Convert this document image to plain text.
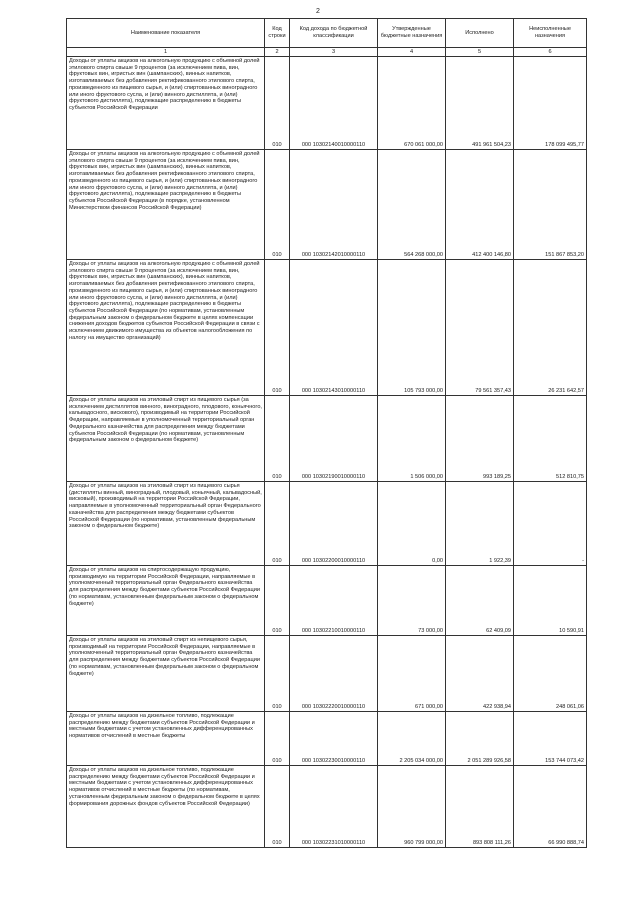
2
Наименование показателя	Код строки	Код дохода по бюджетной классификации	Утвержденные бюджетные назначения	Исполнено	Неисполненные назначения
1	2	3	4	5	6
Доходы от уплаты акцизов на алкогольную продукцию с объемной долей этилового спирта свыше 9 процентов (за исключением пива, вин, фруктовых вин, игристых вин (шампанских), винных напитков, изготавливаемых без добавления ректификованного этилового спирта, произведенного из пищевого сырья, и (или) спиртованных виноградного или иного фруктового сусла, и (или) винного дистиллята, и (или) фруктового дистиллята), подлежащие распределению в бюджеты субъектов Российской Федерации	010	000 10302140010000110	670 061 000,00	491 961 504,23	178 099 495,77
Доходы от уплаты акцизов на алкогольную продукцию с объемной долей этилового спирта свыше 9 процентов (за исключением пива, вин, фруктовых вин, игристых вин (шампанских), винных напитков, изготавливаемых без добавления ректификованного этилового спирта, произведенного из пищевого сырья, и (или) спиртованных виноградного или иного фруктового сусла, и (или) винного дистиллята, и (или) фруктового дистиллята), подлежащие распределению в бюджеты субъектов Российской Федерации (в порядке, установленном Министерством финансов Российской Федерации)	010	000 10302142010000110	564 268 000,00	412 400 146,80	151 867 853,20
Доходы от уплаты акцизов на алкогольную продукцию с объемной долей этилового спирта свыше 9 процентов (за исключением пива, вин, фруктовых вин, игристых вин (шампанских), винных напитков, изготавливаемых без добавления ректификованного этилового спирта, произведенного из пищевого сырья, и (или) спиртованных виноградного или иного фруктового сусла, и (или) винного дистиллята, и (или) фруктового дистиллята), подлежащие распределению в бюджеты субъектов Российской Федерации (по нормативам, установленным федеральным законом о федеральном бюджете в целях компенсации снижения доходов бюджетов субъектов Российской Федерации в связи с исключением движимого имущества из объектов налогообложения по налогу на имущество организаций)	010	000 10302143010000110	105 793 000,00	79 561 357,43	26 231 642,57
Доходы от уплаты акцизов на этиловый спирт из пищевого сырья (за исключением дистиллятов винного, виноградного, плодового, коньячного, кальвадосного, вискового), производимый на территории Российской Федерации, направляемые в уполномоченный территориальный орган Федерального казначейства для распределения между бюджетами субъектов Российской Федерации (по нормативам, установленным федеральным законом о федеральном бюджете)	010	000 10302190010000110	1 506 000,00	993 189,25	512 810,75
Доходы от уплаты акцизов на этиловый спирт из пищевого сырья (дистилляты винный, виноградный, плодовый, коньячный, кальвадосный, висковый), производимый на территории Российской Федерации, направляемые в уполномоченный территориальный орган Федерального казначейства для распределения между бюджетами субъектов Российской Федерации (по нормативам, установленным федеральным законом о федеральном бюджете)	010	000 10302200010000110	0,00	1 922,39	-
Доходы от уплаты акцизов на спиртосодержащую продукцию, производимую на территории Российской Федерации, направляемые в уполномоченный территориальный орган Федерального казначейства для распределения между бюджетами субъектов Российской Федерации (по нормативам, установленным федеральным законом о федеральном бюджете)	010	000 10302210010000110	73 000,00	62 409,09	10 590,91
Доходы от уплаты акцизов на этиловый спирт из непищевого сырья, производимый на территории Российской Федерации, направляемые в уполномоченный территориальный орган Федерального казначейства для распределения между бюджетами субъектов Российской Федерации (по нормативам, установленным федеральным законом о федеральном бюджете)	010	000 10302220010000110	671 000,00	422 938,94	248 061,06
Доходы от уплаты акцизов на дизельное топливо, подлежащие распределению между бюджетами субъектов Российской Федерации и местными бюджетами с учетом установленных дифференцированных нормативов отчислений в местные бюджеты	010	000 10302230010000110	2 205 034 000,00	2 051 289 926,58	153 744 073,42
Доходы от уплаты акцизов на дизельное топливо, подлежащие распределению между бюджетами субъектов Российской Федерации и местными бюджетами с учетом установленных дифференцированных нормативов отчислений в местные бюджеты (по нормативам, установленным федеральным законом о федеральном бюджете в целях формирования дорожных фондов субъектов Российской Федерации)	010	000 10302231010000110	960 799 000,00	893 808 111,26	66 990 888,74
